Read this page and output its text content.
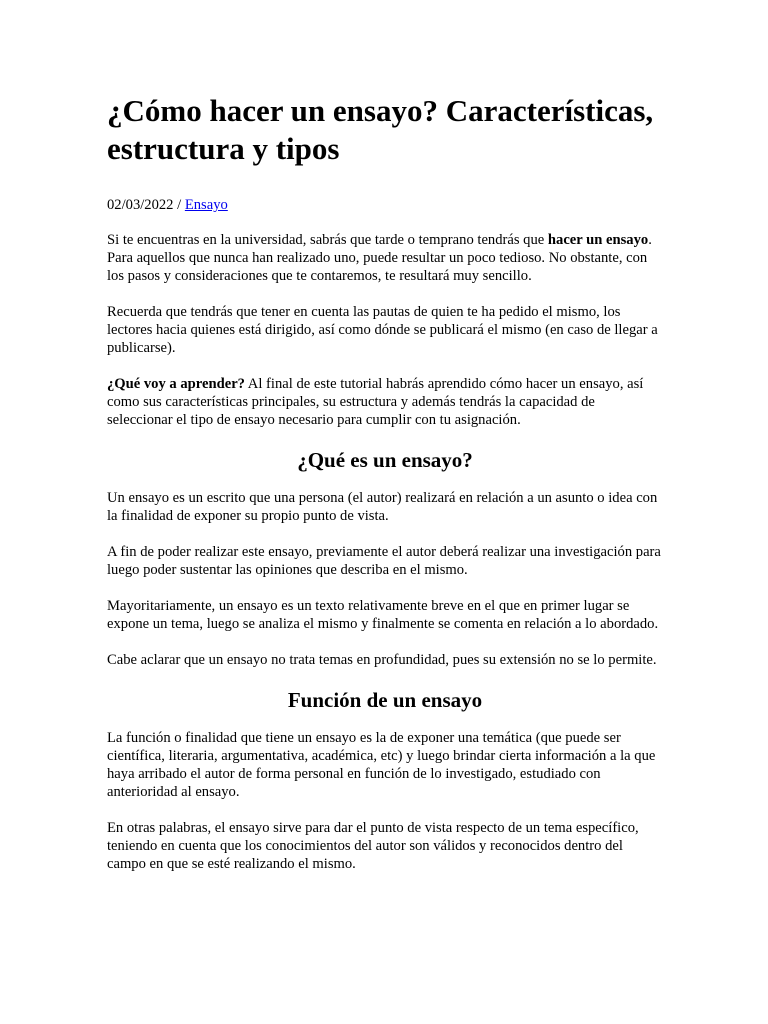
¿Cómo hacer un ensayo? Características, estructura y tipos
02/03/2022 / Ensayo

Si te encuentras en la universidad, sabrás que tarde o temprano tendrás que hacer un ensayo. Para aquellos que nunca han realizado uno, puede resultar un poco tedioso. No obstante, con los pasos y consideraciones que te contaremos, te resultará muy sencillo.

Recuerda que tendrás que tener en cuenta las pautas de quien te ha pedido el mismo, los lectores hacia quienes está dirigido, así como dónde se publicará el mismo (en caso de llegar a publicarse).

¿Qué voy a aprender? Al final de este tutorial habrás aprendido cómo hacer un ensayo, así como sus características principales, su estructura y además tendrás la capacidad de seleccionar el tipo de ensayo necesario para cumplir con tu asignación.

¿Qué es un ensayo?

Un ensayo es un escrito que una persona (el autor) realizará en relación a un asunto o idea con la finalidad de exponer su propio punto de vista.

A fin de poder realizar este ensayo, previamente el autor deberá realizar una investigación para luego poder sustentar las opiniones que describa en el mismo.

Mayoritariamente, un ensayo es un texto relativamente breve en el que en primer lugar se expone un tema, luego se analiza el mismo y finalmente se comenta en relación a lo abordado.

Cabe aclarar que un ensayo no trata temas en profundidad, pues su extensión no se lo permite.

Función de un ensayo

La función o finalidad que tiene un ensayo es la de exponer una temática (que puede ser científica, literaria, argumentativa, académica, etc) y luego brindar cierta información a la que haya arribado el autor de forma personal en función de lo investigado, estudiado con anterioridad al ensayo.

En otras palabras, el ensayo sirve para dar el punto de vista respecto de un tema específico, teniendo en cuenta que los conocimientos del autor son válidos y reconocidos dentro del campo en que se esté realizando el mismo.
